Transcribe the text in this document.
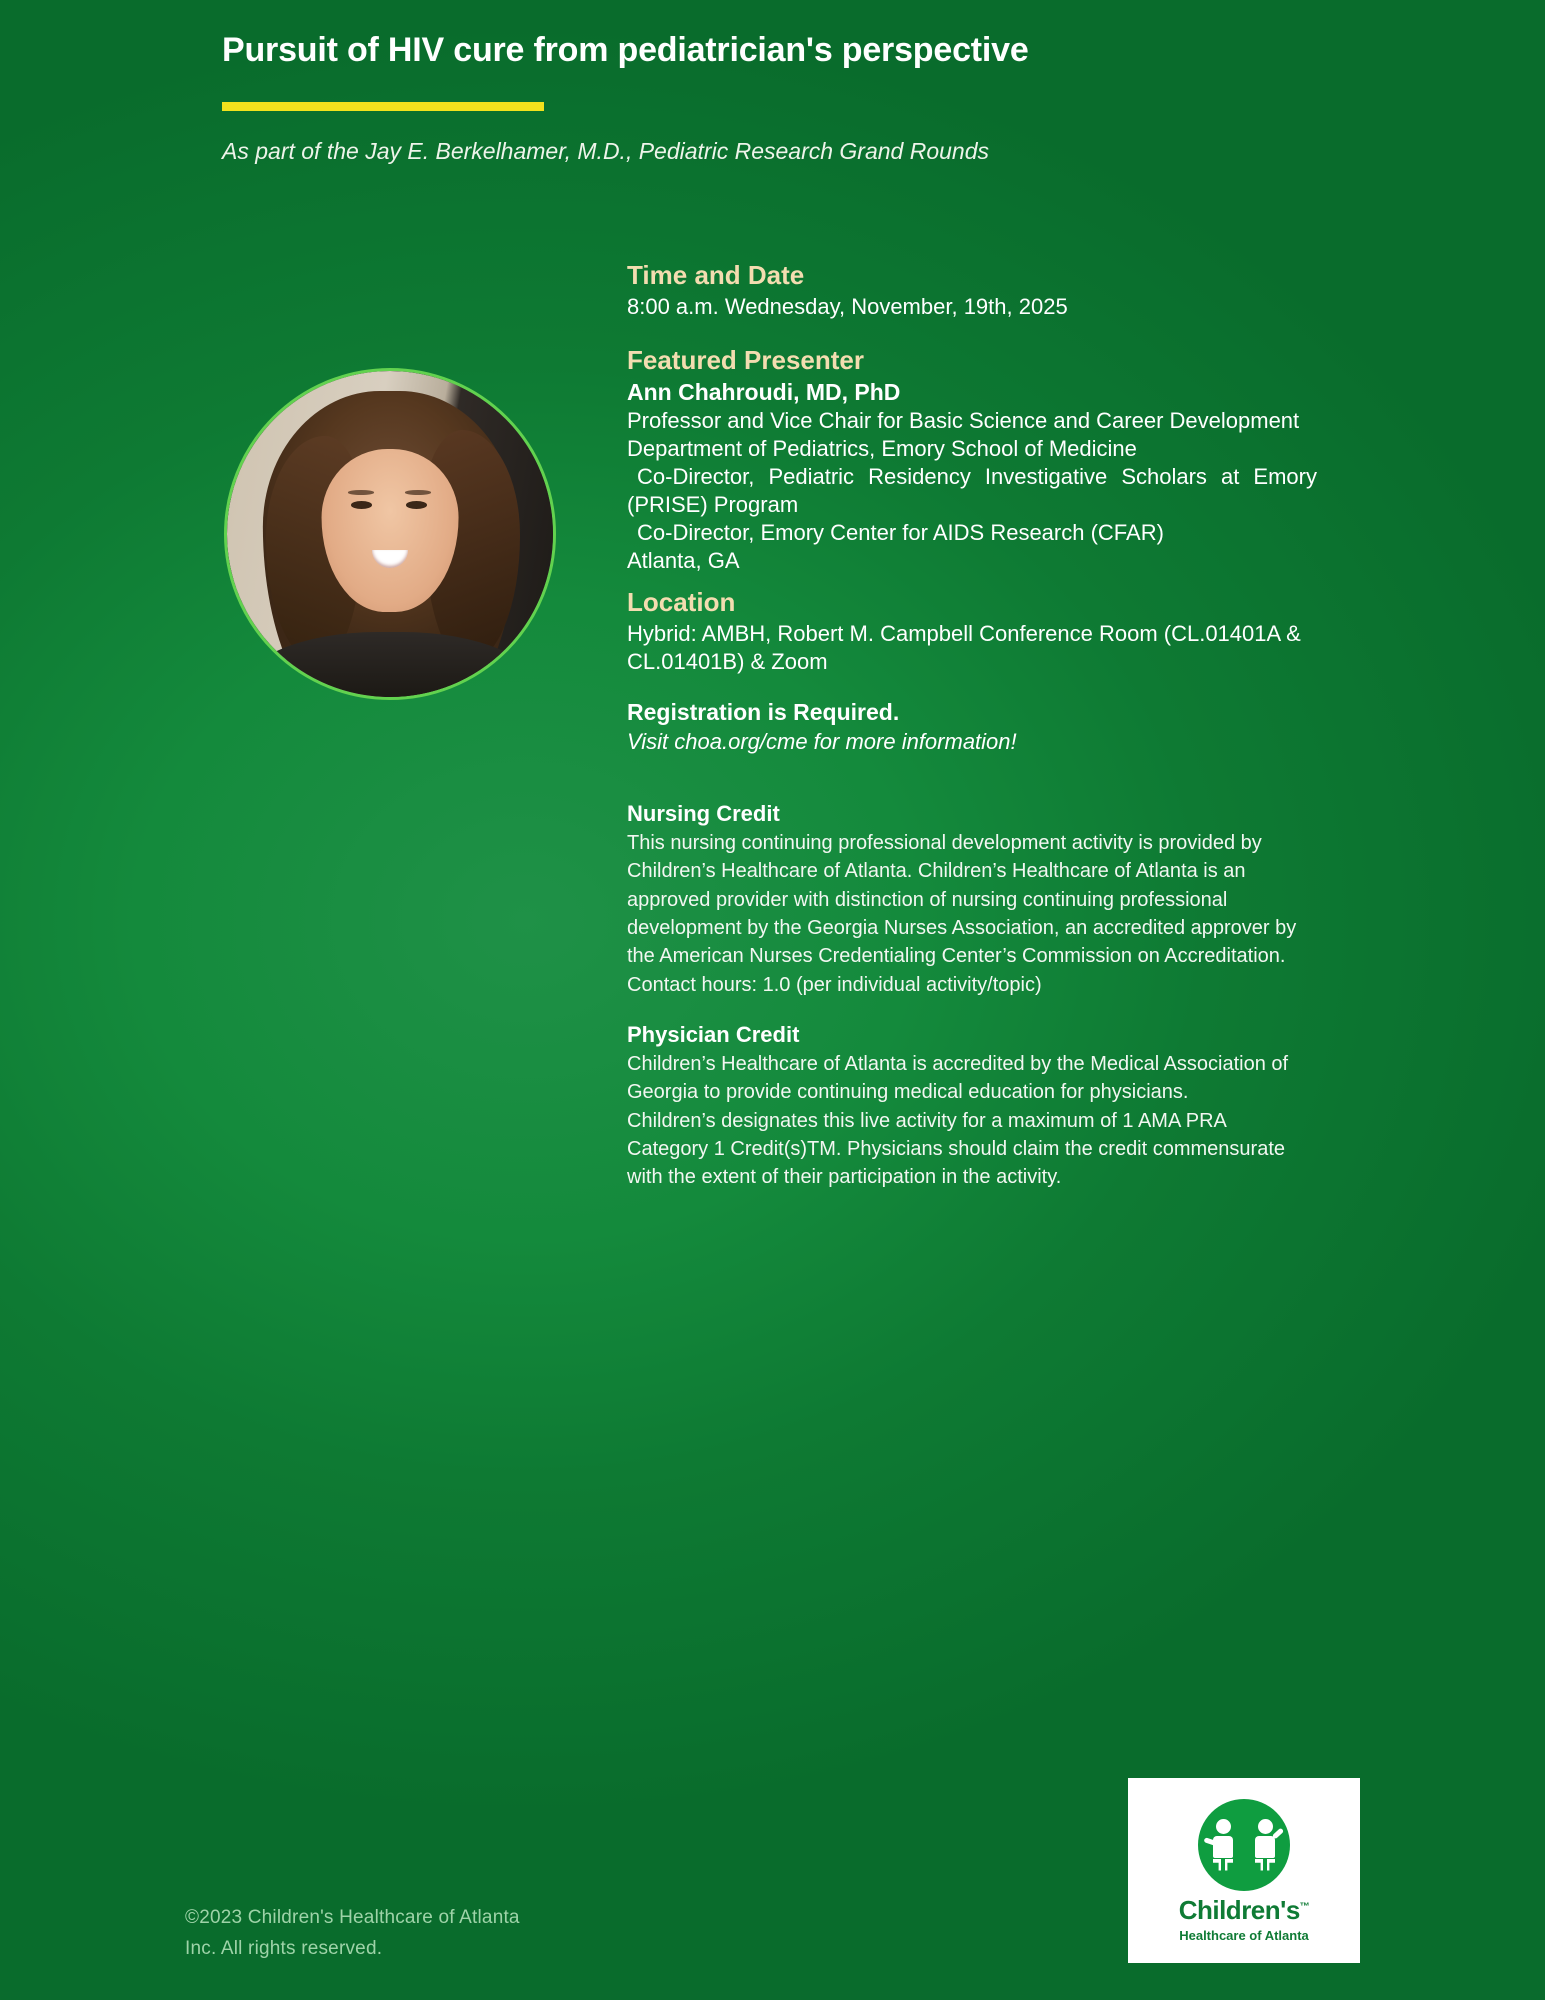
Pursuit of HIV cure from pediatrician's perspective
As part of the Jay E. Berkelhamer, M.D., Pediatric Research Grand Rounds
Time and Date
8:00 a.m. Wednesday, November, 19th, 2025
Featured Presenter
Ann Chahroudi, MD, PhD
Professor and Vice Chair for Basic Science and Career Development Department of Pediatrics, Emory School of Medicine
Co-Director, Pediatric Residency Investigative Scholars at Emory (PRISE) Program
Co-Director, Emory Center for AIDS Research (CFAR)
Atlanta, GA
Location
Hybrid: AMBH, Robert M. Campbell Conference Room (CL.01401A & CL.01401B) & Zoom
Registration is Required.
Visit choa.org/cme for more information!
Nursing Credit
This nursing continuing professional development activity is provided by Children’s Healthcare of Atlanta. Children’s Healthcare of Atlanta is an approved provider with distinction of nursing continuing professional development by the Georgia Nurses Association, an accredited approver by the American Nurses Credentialing Center’s Commission on Accreditation.
Contact hours: 1.0 (per individual activity/topic)
Physician Credit
Children’s Healthcare of Atlanta is accredited by the Medical Association of Georgia to provide continuing medical education for physicians.
Children’s designates this live activity for a maximum of 1 AMA PRA
Category 1 Credit(s)TM. Physicians should claim the credit commensurate with the extent of their participation in the activity.
Children's™
Healthcare of Atlanta
©2023 Children's Healthcare of Atlanta
Inc. All rights reserved.
